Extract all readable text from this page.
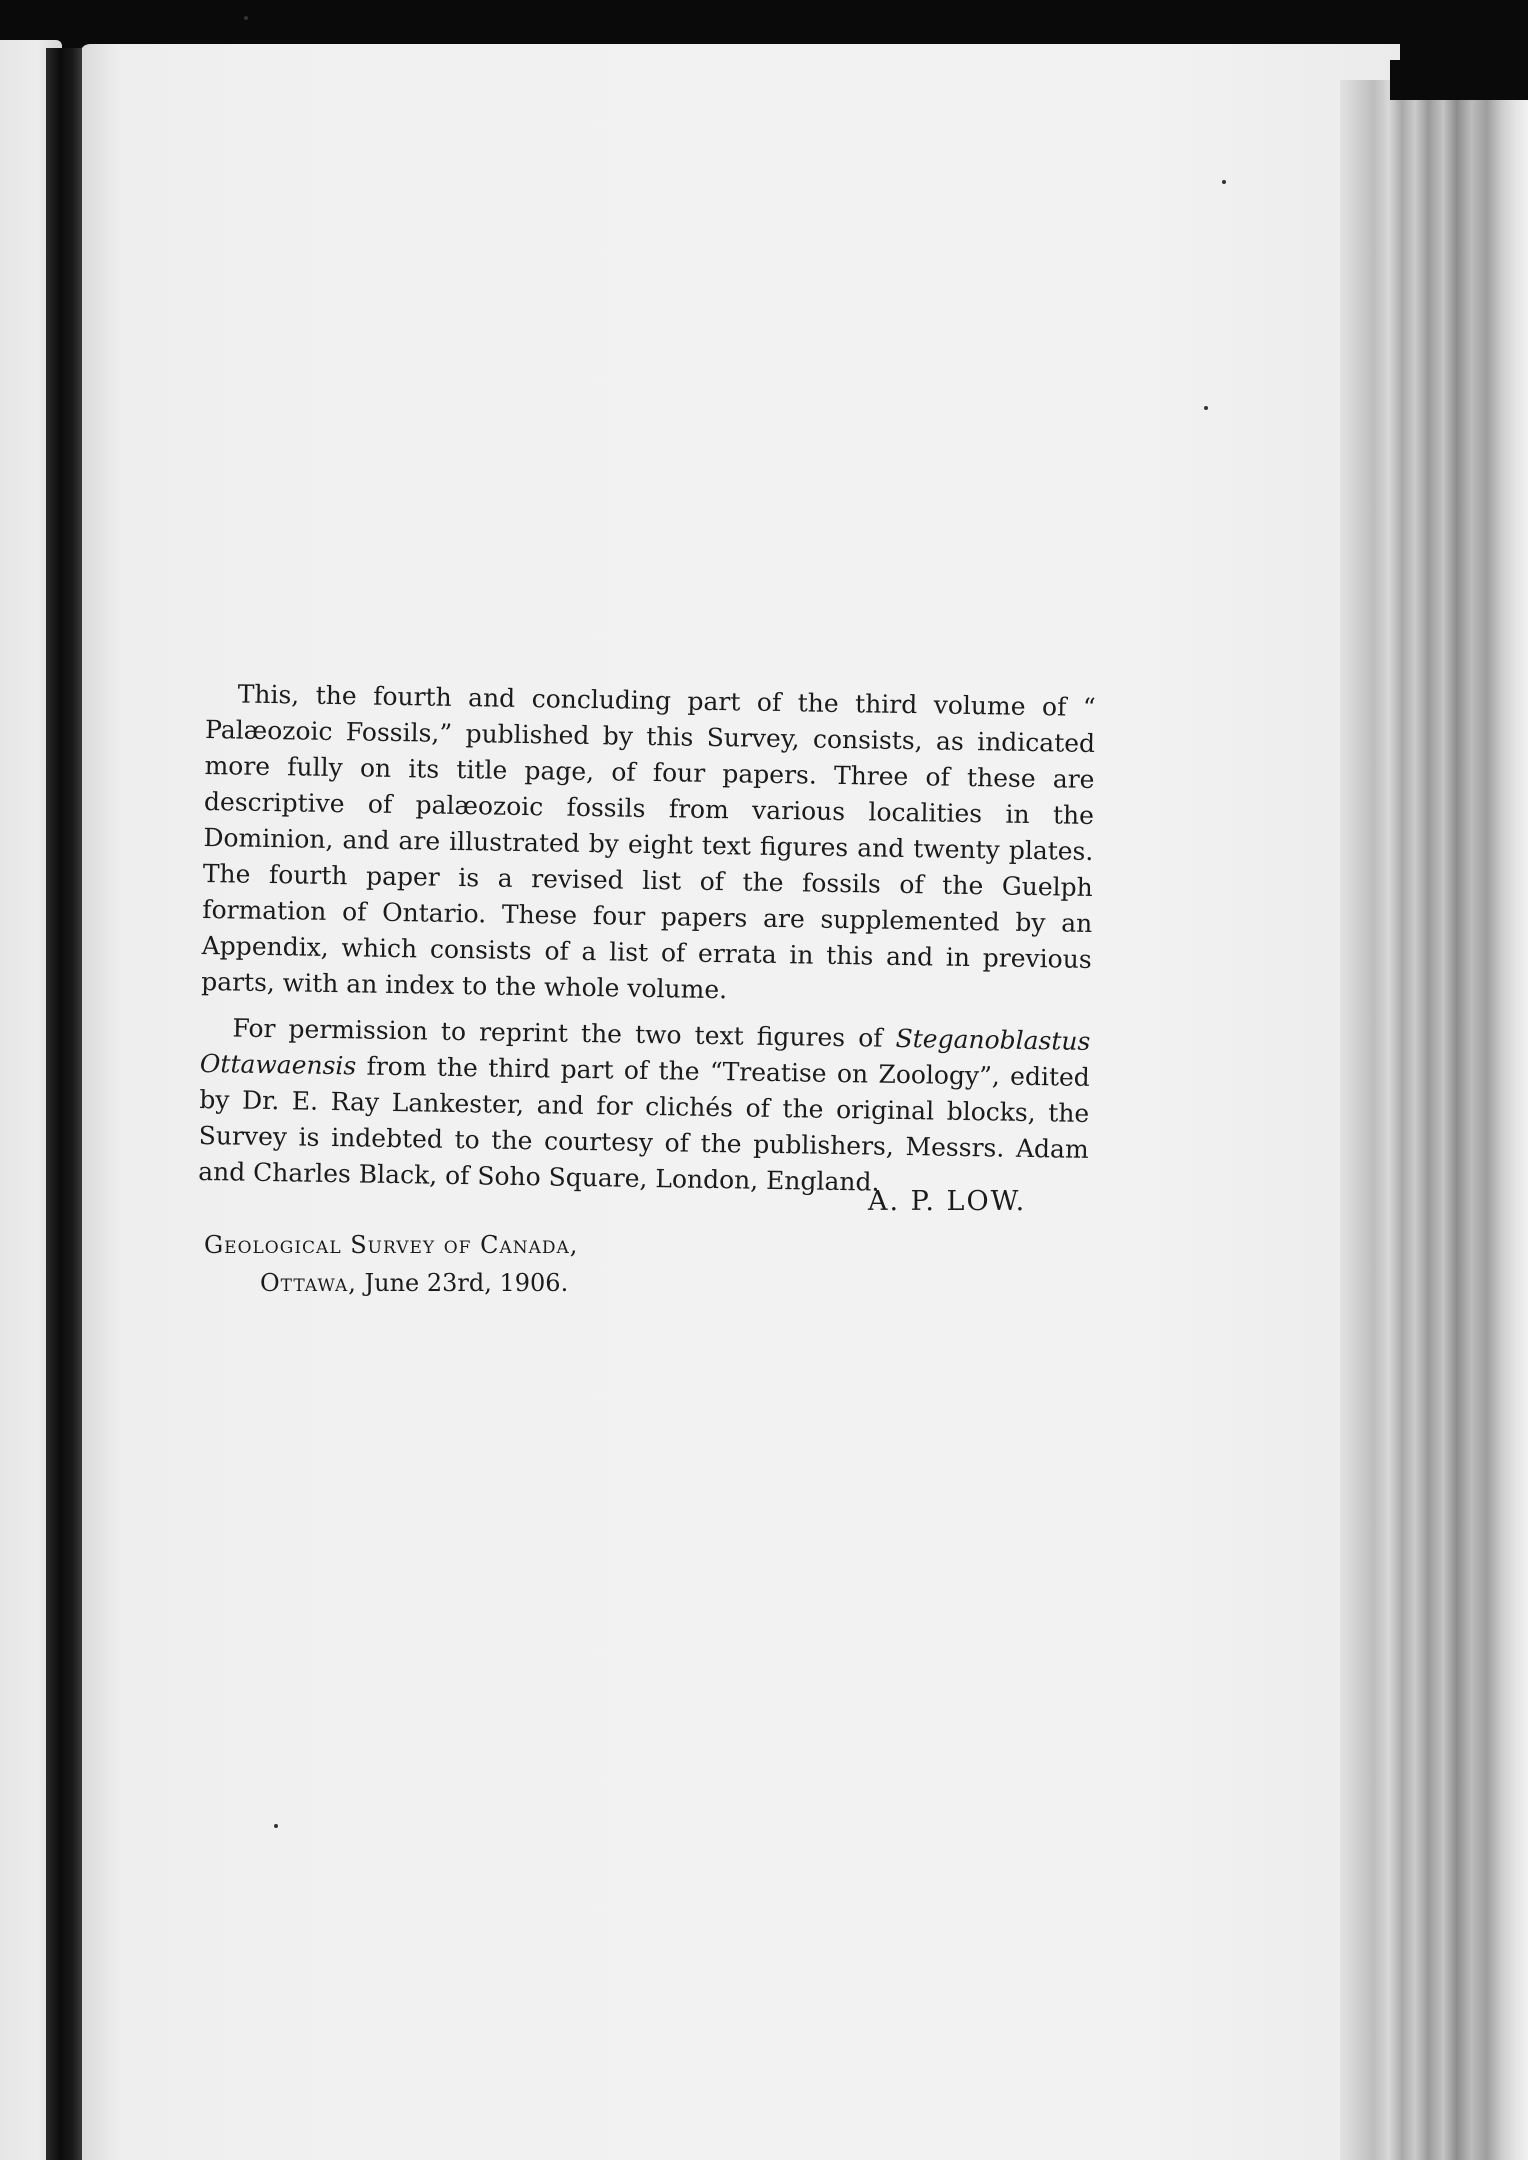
This, the fourth and concluding part of the third volume of “ Palæozoic Fossils,” published by this Survey, consists, as indicated more fully on its title page, of four papers. Three of these are descriptive of palæozoic fossils from various localities in the Dominion, and are illustrated by eight text figures and twenty plates. The fourth paper is a revised list of the fossils of the Guelph formation of Ontario. These four papers are supplemented by an Appendix, which consists of a list of errata in this and in previous parts, with an index to the whole volume.

For permission to reprint the two text figures of Steganoblastus Ottawaensis from the third part of the “Treatise on Zoology”, edited by Dr. E. Ray Lankester, and for clichés of the original blocks, the Survey is indebted to the courtesy of the publishers, Messrs. Adam and Charles Black, of Soho Square, London, England.

A. P. LOW.
Geological Survey of Canada,
Ottawa, June 23rd, 1906.
